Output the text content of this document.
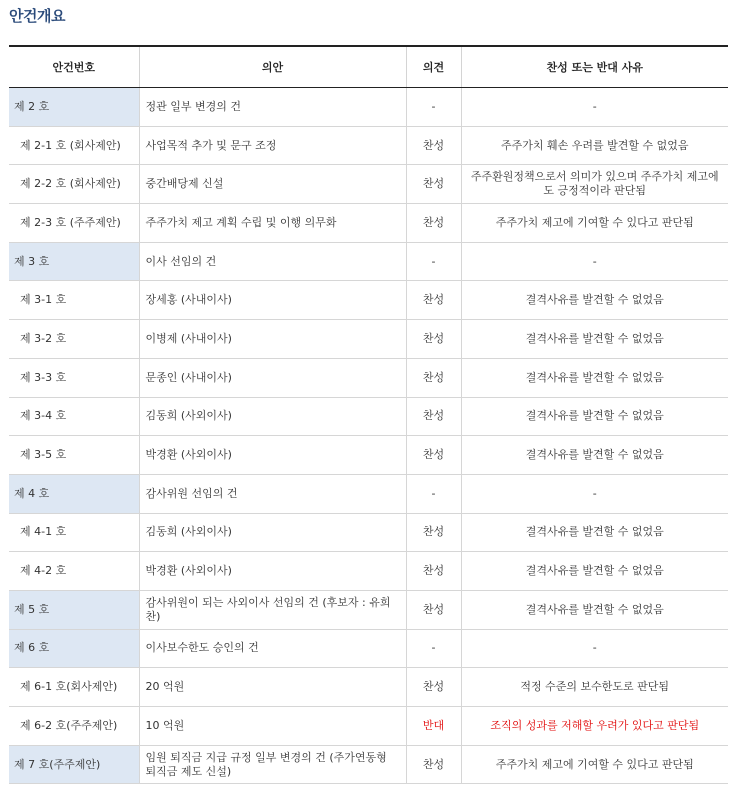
안건개요
안건번호	의안	의견	찬성 또는 반대 사유
제 2 호	정관 일부 변경의 건	-	-
제 2-1 호 (회사제안)	사업목적 추가 및 문구 조정	찬성	주주가치 훼손 우려를 발견할 수 없었음
제 2-2 호 (회사제안)	중간배당제 신설	찬성	주주환원정책으로서 의미가 있으며 주주가치 제고에도 긍정적이라 판단됨
제 2-3 호 (주주제안)	주주가치 제고 계획 수립 및 이행 의무화	찬성	주주가치 제고에 기여할 수 있다고 판단됨
제 3 호	이사 선임의 건	-	-
제 3-1 호	장세홍 (사내이사)	찬성	결격사유를 발견할 수 없었음
제 3-2 호	이병제 (사내이사)	찬성	결격사유를 발견할 수 없었음
제 3-3 호	문종인 (사내이사)	찬성	결격사유를 발견할 수 없었음
제 3-4 호	김동희 (사외이사)	찬성	결격사유를 발견할 수 없었음
제 3-5 호	박경환 (사외이사)	찬성	결격사유를 발견할 수 없었음
제 4 호	감사위원 선임의 건	-	-
제 4-1 호	김동희 (사외이사)	찬성	결격사유를 발견할 수 없었음
제 4-2 호	박경환 (사외이사)	찬성	결격사유를 발견할 수 없었음
제 5 호	감사위원이 되는 사외이사 선임의 건 (후보자 : 유희찬)	찬성	결격사유를 발견할 수 없었음
제 6 호	이사보수한도 승인의 건	-	-
제 6-1 호(회사제안)	20 억원	찬성	적정 수준의 보수한도로 판단됨
제 6-2 호(주주제안)	10 억원	반대	조직의 성과를 저해할 우려가 있다고 판단됨
제 7 호(주주제안)	임원 퇴직금 지급 규정 일부 변경의 건 (주가연동형 퇴직금 제도 신설)	찬성	주주가치 제고에 기여할 수 있다고 판단됨
